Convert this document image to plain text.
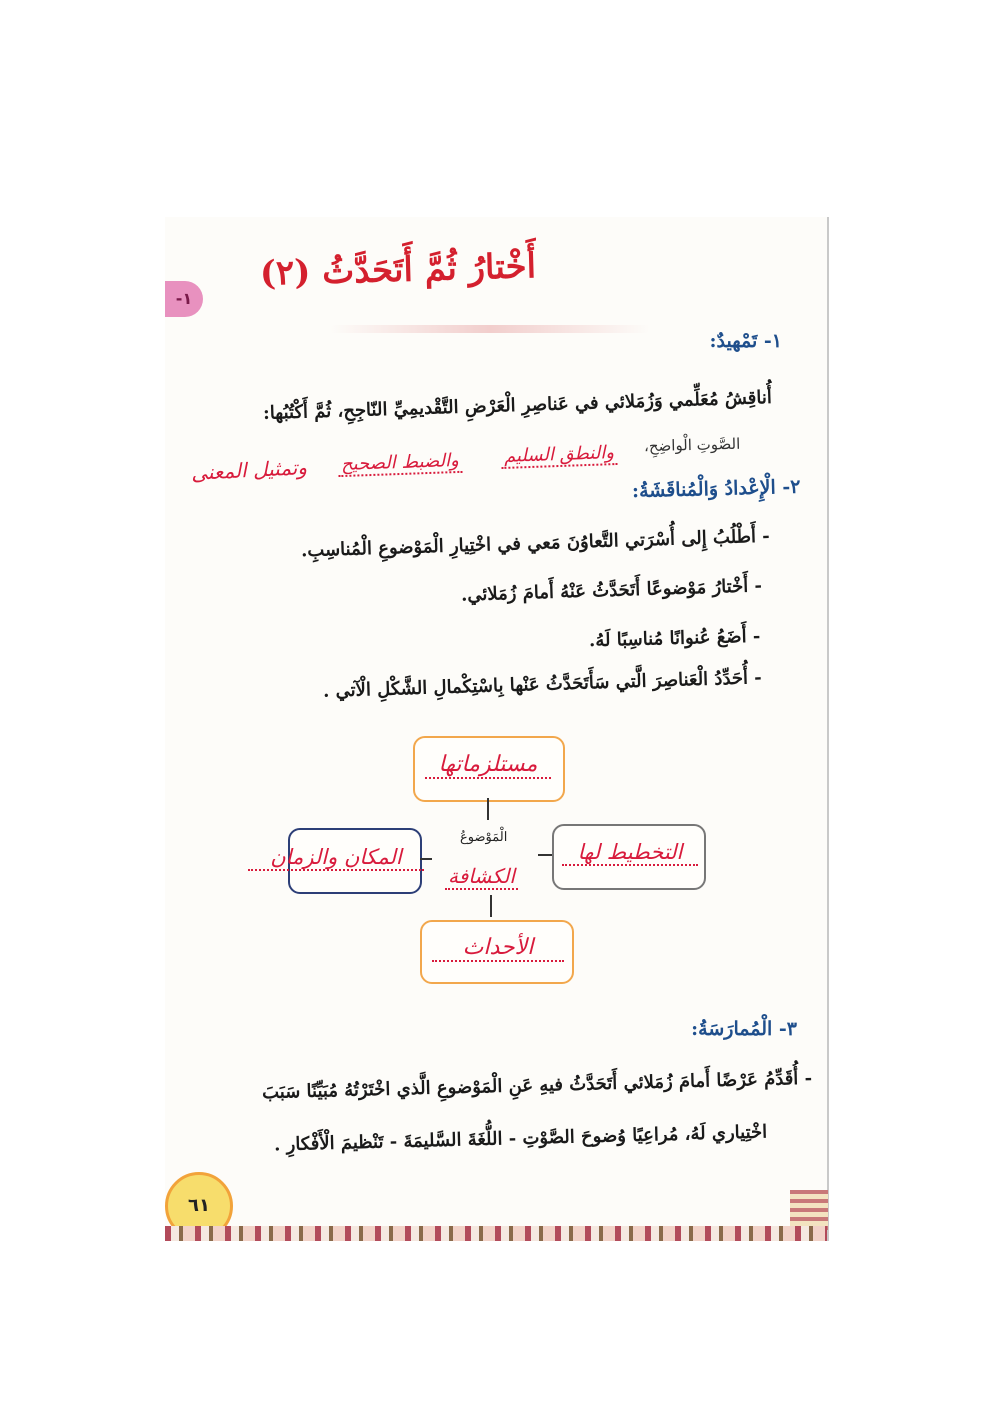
-١
أَخْتارُ ثُمَّ أَتَحَدَّثُ (٢)
١- تَمْهيدٌ:
أُناقِشُ مُعَلِّمي وَزُمَلائي في عَناصِرِ الْعَرْضِ التَّقْديمِيِّ النّاجِحِ، ثُمَّ أَكْتُبُها:
الصَّوتِ الْواضِحِ،
والنطق السليم
والضبط الصحيح
وتمثيل المعنى
٢- الْإِعْدادُ وَالْمُناقَشَةُ:
- أَطْلُبُ إِلى أُسْرَتي التَّعاوُنَ مَعي في اخْتِيارِ الْمَوْضوعِ الْمُناسِبِ.
- أَخْتارُ مَوْضوعًا أَتَحَدَّثُ عَنْهُ أَمامَ زُمَلائي.
- أَضَعُ عُنوانًا مُناسِبًا لَهُ.
- أُحَدِّدُ الْعَناصِرَ الَّتي سَأَتَحَدَّثُ عَنْها بِاسْتِكْمالِ الشَّكْلِ الْآتي .
مستلزماتها
المكان والزمان
الْمَوْضوعُ
الكشافة
التخطيط لها
الأحداث
٣- الْمُمارَسَةُ:
- أُقَدِّمُ عَرْضًا أَمامَ زُمَلائي أَتَحَدَّثُ فيهِ عَنِ الْمَوْضوعِ الَّذي اخْتَرْتُهُ مُبَيِّنًا سَبَبَ
اخْتِياري لَهُ، مُراعِيًا وُضوحَ الصَّوْتِ - اللُّغَةَ السَّليمَةَ - تَنْظيمَ الْأَفْكارِ .
٦١
